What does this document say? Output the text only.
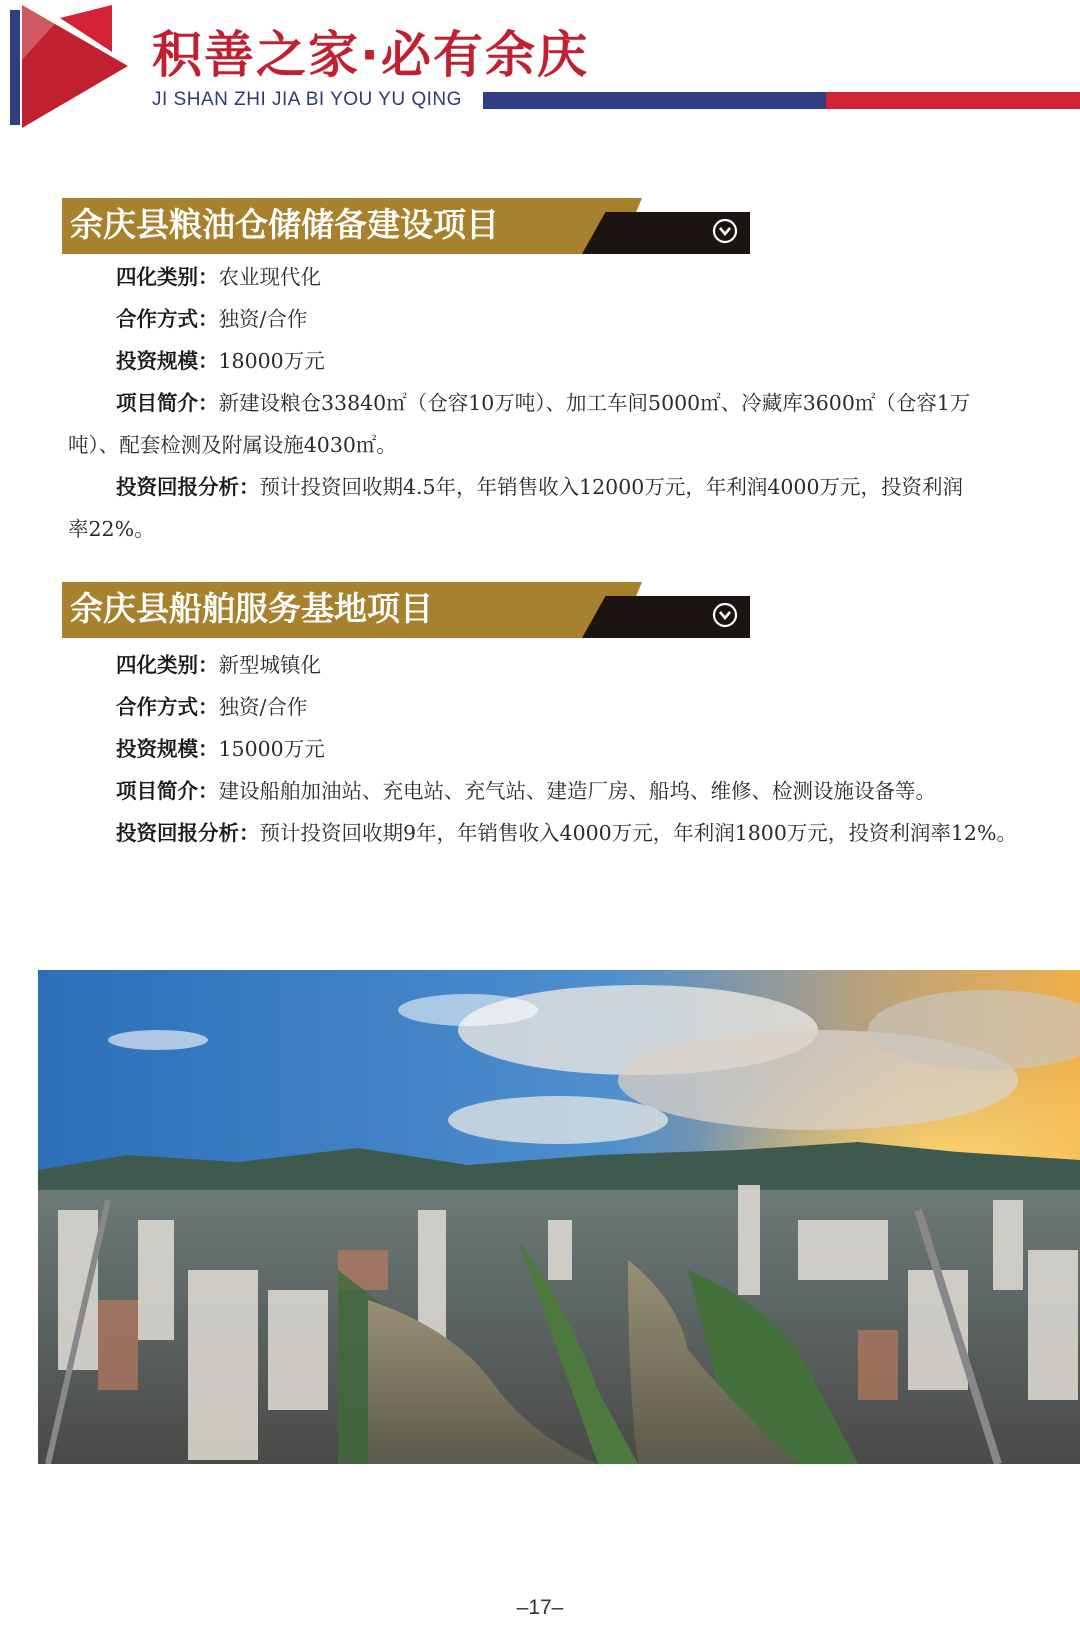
积善之家·必有余庆
JI SHAN ZHI JIA BI YOU YU QING
余庆县粮油仓储储备建设项目
四化类别：农业现代化
合作方式：独资/合作
投资规模：18000万元
项目简介：新建设粮仓33840㎡（仓容10万吨）、加工车间5000㎡、冷藏库3600㎡（仓容1万
吨）、配套检测及附属设施4030㎡。
投资回报分析：预计投资回收期4.5年，年销售收入12000万元，年利润4000万元，投资利润
率22%。
余庆县船舶服务基地项目
四化类别：新型城镇化
合作方式：独资/合作
投资规模：15000万元
项目简介：建设船舶加油站、充电站、充气站、建造厂房、船坞、维修、检测设施设备等。
投资回报分析：预计投资回收期9年，年销售收入4000万元，年利润1800万元，投资利润率12%。
–17–
